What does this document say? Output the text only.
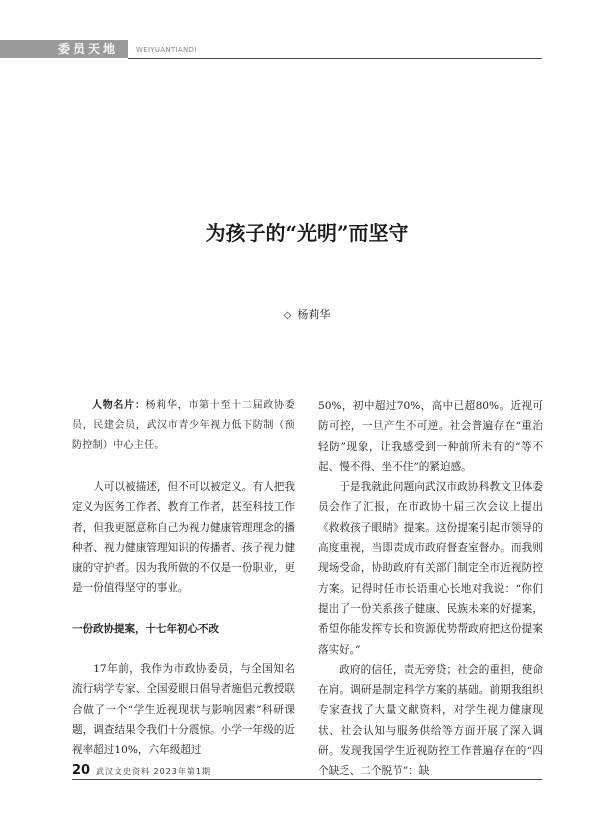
委员天地	WEIYUANTIANDI
为孩子的“光明”而坚守
◇ 杨莉华

人物名片：杨莉华，市第十至十二届政协委员，民建会员，武汉市青少年视力低下防制（预防控制）中心主任。

人可以被描述，但不可以被定义。有人把我定义为医务工作者、教育工作者，甚至科技工作者，但我更愿意称自己为视力健康管理理念的播种者、视力健康管理知识的传播者、孩子视力健康的守护者。因为我所做的不仅是一份职业，更是一份值得坚守的事业。

一份政协提案，十七年初心不改

17年前，我作为市政协委员，与全国知名流行病学专家、全国爱眼日倡导者施侣元教授联合做了一个“学生近视现状与影响因素”科研课题，调查结果令我们十分震惊。小学一年级的近视率超过10%，六年级超过

50%，初中超过70%，高中已超80%。近视可防可控，一旦产生不可逆。社会普遍存在“重治轻防”现象，让我感受到一种前所未有的“等不起、慢不得、坐不住”的紧迫感。

于是我就此问题向武汉市政协科教文卫体委员会作了汇报，在市政协十届三次会议上提出《救救孩子眼睛》提案。这份提案引起市领导的高度重视，当即责成市政府督查室督办。而我则现场受命，协助政府有关部门制定全市近视防控方案。记得时任市长语重心长地对我说：“你们提出了一份关系孩子健康、民族未来的好提案，希望你能发挥专长和资源优势帮政府把这份提案落实好。”

政府的信任，责无旁贷；社会的重担，使命在肩。调研是制定科学方案的基础。前期我组织专家查找了大量文献资料，对学生视力健康现状、社会认知与服务供给等方面开展了深入调研。发现我国学生近视防控工作普遍存在的“四个缺乏、二个脱节”：缺

20 武汉文史资料 2023年第1期
